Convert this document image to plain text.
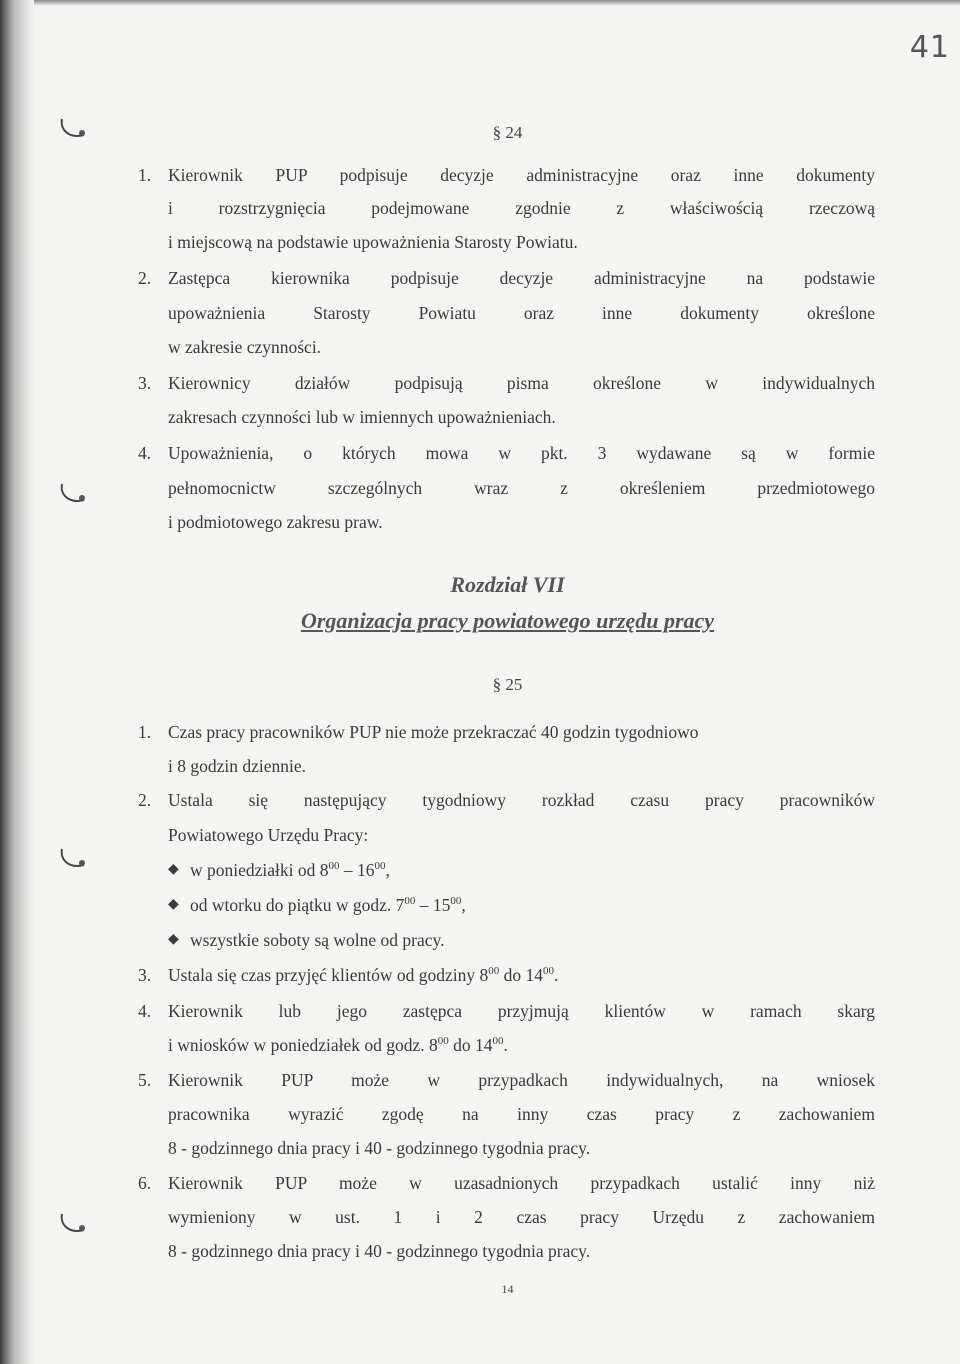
41
§ 24
1. Kierownik PUP podpisuje decyzje administracyjne oraz inne dokumenty
i rozstrzygnięcia podejmowane zgodnie z właściwością rzeczową
i miejscową na podstawie upoważnienia Starosty Powiatu.
2. Zastępca kierownika podpisuje decyzje administracyjne na podstawie
upoważnienia Starosty Powiatu oraz inne dokumenty określone
w zakresie czynności.
3. Kierownicy działów podpisują pisma określone w indywidualnych
zakresach czynności lub w imiennych upoważnieniach.
4. Upoważnienia, o których mowa w pkt. 3 wydawane są w formie
pełnomocnictw szczególnych wraz z określeniem przedmiotowego
i podmiotowego zakresu praw.
Rozdział VII
Organizacja pracy powiatowego urzędu pracy
§ 25
1. Czas pracy pracowników PUP nie może przekraczać 40 godzin tygodniowo
i 8 godzin dziennie.
2. Ustala się następujący tygodniowy rozkład czasu pracy pracowników
Powiatowego Urzędu Pracy:
◆ w poniedziałki od $8^{00} - 16^{00}$,
◆ od wtorku do piątku w godz. $7^{00} - 15^{00}$,
◆ wszystkie soboty są wolne od pracy.
3. Ustala się czas przyjęć klientów od godziny $8^{00}$ do $14^{00}$.
4. Kierownik lub jego zastępca przyjmują klientów w ramach skarg
i wniosków w poniedziałek od godz. $8^{00}$ do $14^{00}$.
5. Kierownik PUP może w przypadkach indywidualnych, na wniosek
pracownika wyrazić zgodę na inny czas pracy z zachowaniem
8 - godzinnego dnia pracy i 40 - godzinnego tygodnia pracy.
6. Kierownik PUP może w uzasadnionych przypadkach ustalić inny niż
wymieniony w ust. 1 i 2 czas pracy Urzędu z zachowaniem
8 - godzinnego dnia pracy i 40 - godzinnego tygodnia pracy.
14
